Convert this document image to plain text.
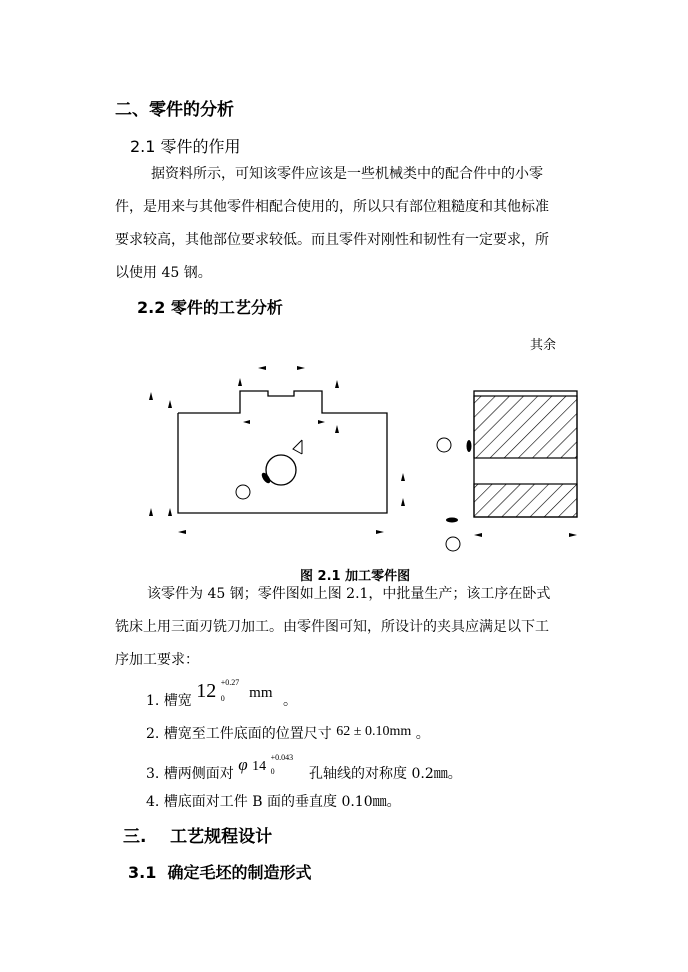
二、零件的分析
2.1 零件的作用
据资料所示，可知该零件应该是一些机械类中的配合件中的小零
件，是用来与其他零件相配合使用的，所以只有部位粗糙度和其他标准
要求较高，其他部位要求较低。而且零件对刚性和韧性有一定要求，所
以使用 45 钢。
2.2 零件的工艺分析
其余
图 2.1 加工零件图
该零件为 45 钢；零件图如上图 2.1，中批量生产；该工序在卧式
铣床上用三面刃铣刀加工。由零件图可知，所设计的夹具应满足以下工
序加工要求：
1. 槽宽 12 +0.27
0 mm 。
2. 槽宽至工件底面的位置尺寸 62 ± 0.10mm 。
3. 槽两侧面对 φ 14
+0.043
0 孔轴线的对称度 0.2㎜。
4. 槽底面对工件 B 面的垂直度 0.10㎜。
三.    工艺规程设计
3.1  确定毛坯的制造形式
